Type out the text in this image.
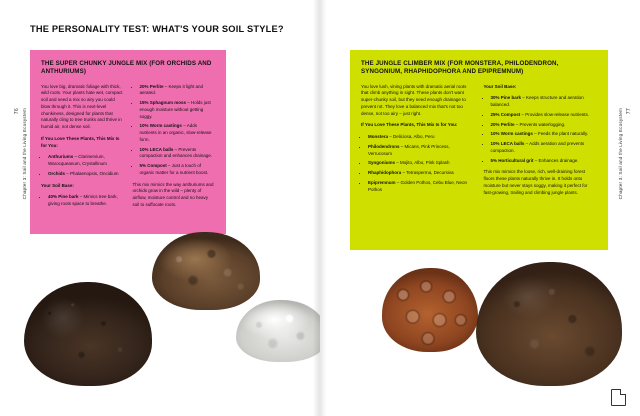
THE PERSONALITY TEST: WHAT'S YOUR SOIL STYLE?
76 Chapter 3: Soil and the Living Ecosystem
THE SUPER CHUNKY JUNGLE MIX (FOR ORCHIDS AND ANTHURIUMS)

You love big, dramatic foliage with thick, wild roots. Your plants hate wet, compact soil and need a mix so airy you could blow through it. This is next-level chunkiness, designed for plants that naturally cling to tree trunks and thrive in humid air, not dense soil.

If You Love These Plants, This Mix Is for You:

• Anthuriums – Clarinervium, Warocqueanum, Crystallinum
• Orchids – Phalaenopsis, Oncidium

Your Soil Base:

• 40% Pine bark – Mimics tree bark, giving roots space to breathe.
• 20% Perlite – Keeps it light and aerated.
• 15% Sphagnum moss – Holds just enough moisture without getting soggy.
• 10% Worm castings – Adds nutrients in an organic, slow-release form.
• 10% LECA balls – Prevents compaction and enhances drainage.
• 5% Compost – Just a touch of organic matter for a nutrient boost.

This mix mimics the way anthuriums and orchids grow in the wild – plenty of airflow, moisture control and no heavy soil to suffocate roots.

THE JUNGLE CLIMBER MIX (FOR MONSTERA, PHILODENDRON, SYNGONIUM, RHAPHIDOPHORA AND EPIPREMNUM)

You love lush, vining plants with dramatic aerial roots that climb anything in sight. These plants don't want super-chunky soil, but they need enough drainage to prevent rot. They love a balanced mix that's not too dense, not too airy – just right.

If You Love These Plants, This Mix Is for You:

• Monstera – Deliciosa, Albo, Peru
• Philodendrons – Micans, Pink Princess, Verrucosum
• Syngoniums – Mojito, Albo, Pink Splash
• Rhaphidophora – Tetrasperma, Decursiva
• Epipremnum – Golden Pothos, Cebu Blue, Neon Pothos

Your Soil Base:

• 30% Pine bark – Keeps structure and aeration balanced.
• 25% Compost – Provides slow-release nutrients.
• 20% Perlite – Prevents waterlogging.
• 10% Worm castings – Feeds the plant naturally.
• 10% LECA balls – Adds aeration and prevents compaction.
• 5% Horticultural grit – Enhances drainage.

This mix mimics the loose, rich, well-draining forest floors these plants naturally thrive in. It holds onto moisture but never stays soggy, making it perfect for fast-growing, trailing and climbing jungle plants.

77
Chapter 3: Soil and the Living Ecosystem
